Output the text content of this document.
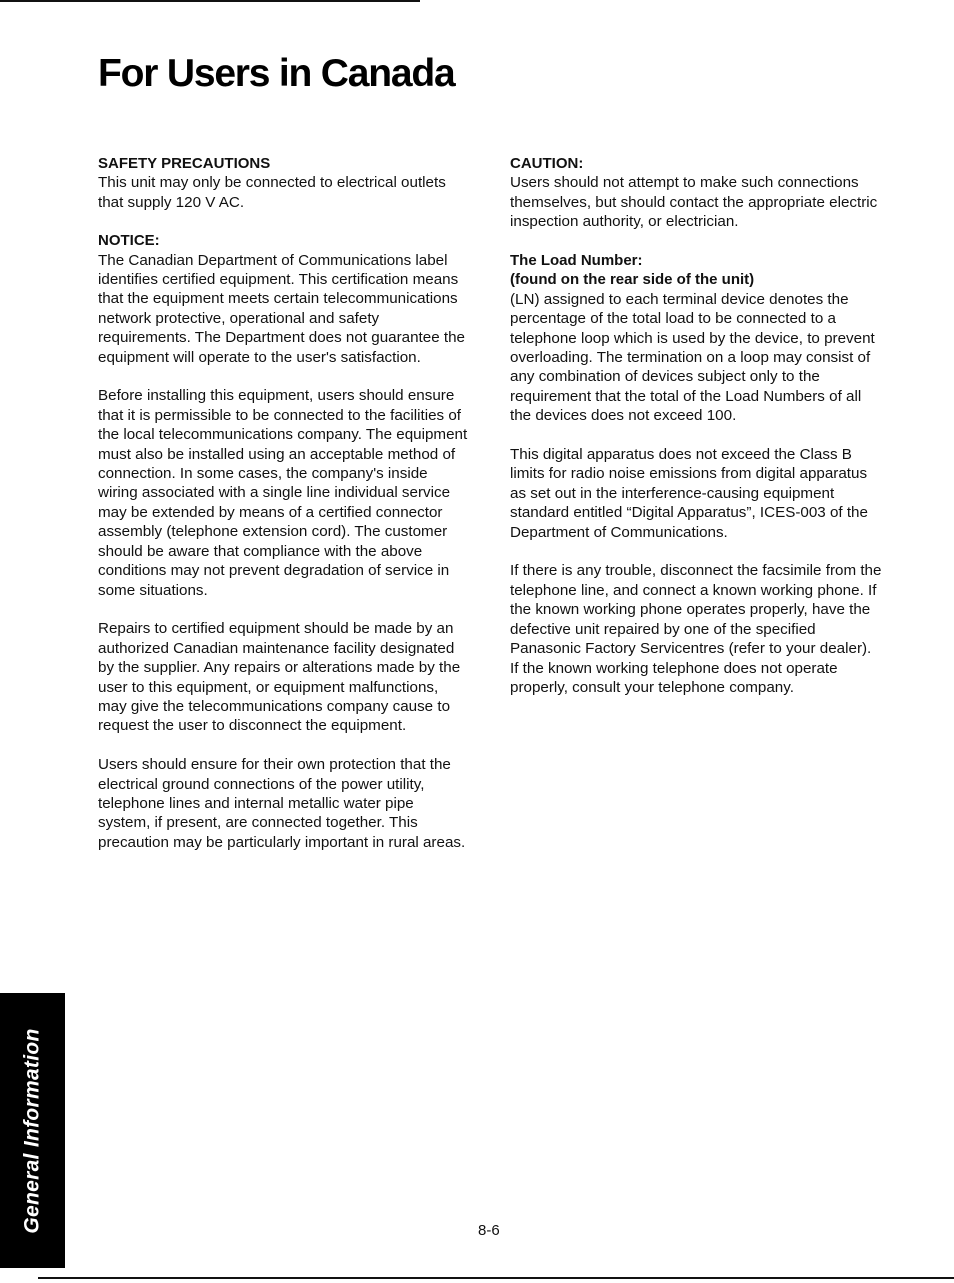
For Users in Canada
SAFETY PRECAUTIONS

This unit may only be connected to electrical outlets that supply 120 V AC.

NOTICE:

The Canadian Department of Communications label identifies certified equipment. This certification means that the equipment meets certain telecommunications network protective, operational and safety requirements. The Department does not guarantee the equipment will operate to the user's satisfaction.

Before installing this equipment, users should ensure that it is permissible to be connected to the facilities of the local telecommunications company. The equipment must also be installed using an acceptable method of connection. In some cases, the company's inside wiring associated with a single line individual service may be extended by means of a certified connector assembly (telephone extension cord). The customer should be aware that compliance with the above conditions may not prevent degradation of service in some situations.

Repairs to certified equipment should be made by an authorized Canadian maintenance facility designated by the supplier. Any repairs or alterations made by the user to this equipment, or equipment malfunctions, may give the telecommunications company cause to request the user to disconnect the equipment.

Users should ensure for their own protection that the electrical ground connections of the power utility, telephone lines and internal metallic water pipe system, if present, are connected together. This precaution may be particularly important in rural areas.

CAUTION:

Users should not attempt to make such connections themselves, but should contact the appropriate electric inspection authority, or electrician.

The Load Number:
(found on the rear side of the unit)

(LN) assigned to each terminal device denotes the percentage of the total load to be connected to a telephone loop which is used by the device, to prevent overloading. The termination on a loop may consist of any combination of devices subject only to the requirement that the total of the Load Numbers of all the devices does not exceed 100.

This digital apparatus does not exceed the Class B limits for radio noise emissions from digital apparatus as set out in the interference-causing equipment standard entitled “Digital Apparatus”, ICES-003 of the Department of Communications.

If there is any trouble, disconnect the facsimile from the telephone line, and connect a known working phone. If the known working phone operates properly, have the defective unit repaired by one of the specified Panasonic Factory Servicentres (refer to your dealer). If the known working telephone does not operate properly, consult your telephone company.

General Information	8-6
